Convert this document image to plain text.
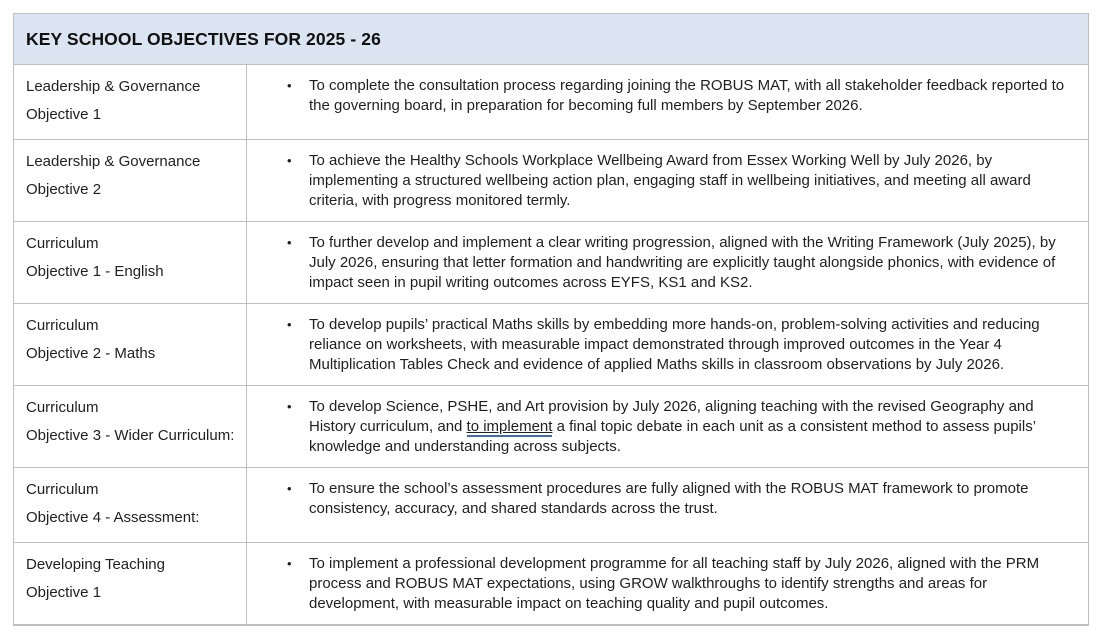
KEY SCHOOL OBJECTIVES FOR 2025 - 26
Leadership & Governance
Objective 1
•	To complete the consultation process regarding joining the ROBUS MAT, with all stakeholder feedback reported to the governing board, in preparation for becoming full members by September 2026.
Leadership & Governance
Objective 2
•	To achieve the Healthy Schools Workplace Wellbeing Award from Essex Working Well by July 2026, by implementing a structured wellbeing action plan, engaging staff in wellbeing initiatives, and meeting all award criteria, with progress monitored termly.
Curriculum
Objective 1 - English
•	To further develop and implement a clear writing progression, aligned with the Writing Framework (July 2025), by July 2026, ensuring that letter formation and handwriting are explicitly taught alongside phonics, with evidence of impact seen in pupil writing outcomes across EYFS, KS1 and KS2.
Curriculum
Objective 2 - Maths
•	To develop pupils’ practical Maths skills by embedding more hands-on, problem-solving activities and reducing reliance on worksheets, with measurable impact demonstrated through improved outcomes in the Year 4 Multiplication Tables Check and evidence of applied Maths skills in classroom observations by July 2026.
Curriculum
Objective 3 - Wider Curriculum:
•	To develop Science, PSHE, and Art provision by July 2026, aligning teaching with the revised Geography and History curriculum, and to implement a final topic debate in each unit as a consistent method to assess pupils’ knowledge and understanding across subjects.
Curriculum
Objective 4 - Assessment:
•	To ensure the school’s assessment procedures are fully aligned with the ROBUS MAT framework to promote consistency, accuracy, and shared standards across the trust.
Developing Teaching
Objective 1
•	To implement a professional development programme for all teaching staff by July 2026, aligned with the PRM process and ROBUS MAT expectations, using GROW walkthroughs to identify strengths and areas for development, with measurable impact on teaching quality and pupil outcomes.
